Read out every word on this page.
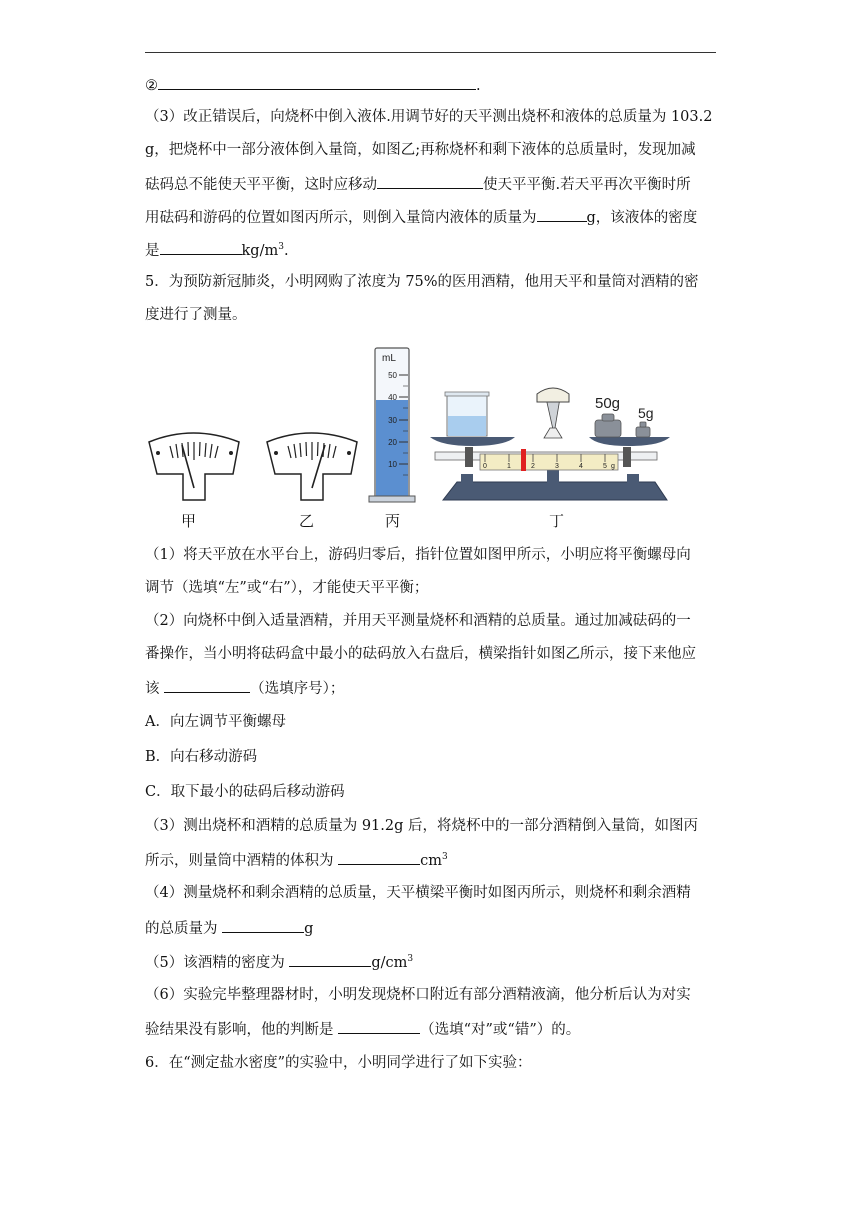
②	.
（3）改正错误后，向烧杯中倒入液体.用调节好的天平测出烧杯和液体的总质量为 103.2
g，把烧杯中一部分液体倒入量筒，如图乙;再称烧杯和剩下液体的总质量时，发现加减
砝码总不能使天平平衡，这时应移动	使天平平衡.若天平再次平衡时所
用砝码和游码的位置如图丙所示，则倒入量筒内液体的质量为	g，该液体的密度
是	$kg/m^3$.
5．为预防新冠肺炎，小明网购了浓度为 75%的医用酒精，他用天平和量筒对酒精的密
度进行了测量。
mL
50
40
30
20
10
50g
5g
0	1	2	3	4	5 g
甲	乙	丙	丁
（1）将天平放在水平台上，游码归零后，指针位置如图甲所示，小明应将平衡螺母向
调节（选填“左”或“右”），才能使天平平衡；
（2）向烧杯中倒入适量酒精，并用天平测量烧杯和酒精的总质量。通过加减砝码的一
番操作，当小明将砝码盒中最小的砝码放入右盘后，横梁指针如图乙所示，接下来他应
该	（选填序号）；
A．向左调节平衡螺母
B．向右移动游码
C．取下最小的砝码后移动游码
（3）测出烧杯和酒精的总质量为 91.2g 后，将烧杯中的一部分酒精倒入量筒，如图丙
所示，则量筒中酒精的体积为	$cm^3$
（4）测量烧杯和剩余酒精的总质量，天平横梁平衡时如图丙所示，则烧杯和剩余酒精
的总质量为	g
（5）该酒精的密度为	$g/cm^3$
（6）实验完毕整理器材时，小明发现烧杯口附近有部分酒精液滴，他分析后认为对实
验结果没有影响，他的判断是	（选填“对”或“错”）的。
6．在“测定盐水密度”的实验中，小明同学进行了如下实验：
